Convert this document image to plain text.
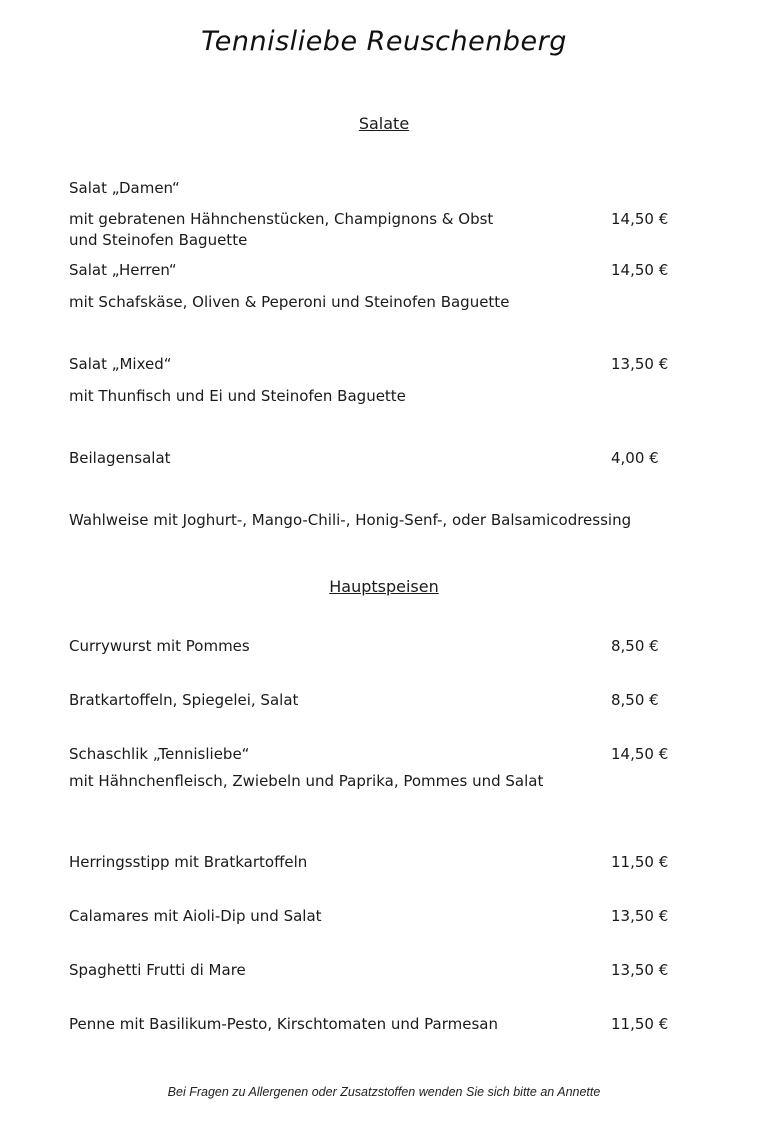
Tennisliebe Reuschenberg
Salate
Salat „Damen“
mit gebratenen Hähnchenstücken, Champignons & Obst	14,50 €
und Steinofen Baguette
Salat „Herren“	14,50 €
mit Schafskäse, Oliven & Peperoni und Steinofen Baguette
Salat „Mixed“	13,50 €
mit Thunfisch und Ei und Steinofen Baguette
Beilagensalat	4,00 €
Wahlweise mit Joghurt-, Mango-Chili-, Honig-Senf-, oder Balsamicodressing
Hauptspeisen
Currywurst mit Pommes	8,50 €
Bratkartoffeln, Spiegelei, Salat	8,50 €
Schaschlik „Tennisliebe“	14,50 €
mit Hähnchenfleisch, Zwiebeln und Paprika, Pommes und Salat
Herringsstipp mit Bratkartoffeln	11,50 €
Calamares mit Aioli-Dip und Salat	13,50 €
Spaghetti Frutti di Mare	13,50 €
Penne mit Basilikum-Pesto, Kirschtomaten und Parmesan	11,50 €
Bei Fragen zu Allergenen oder Zusatzstoffen wenden Sie sich bitte an Annette
